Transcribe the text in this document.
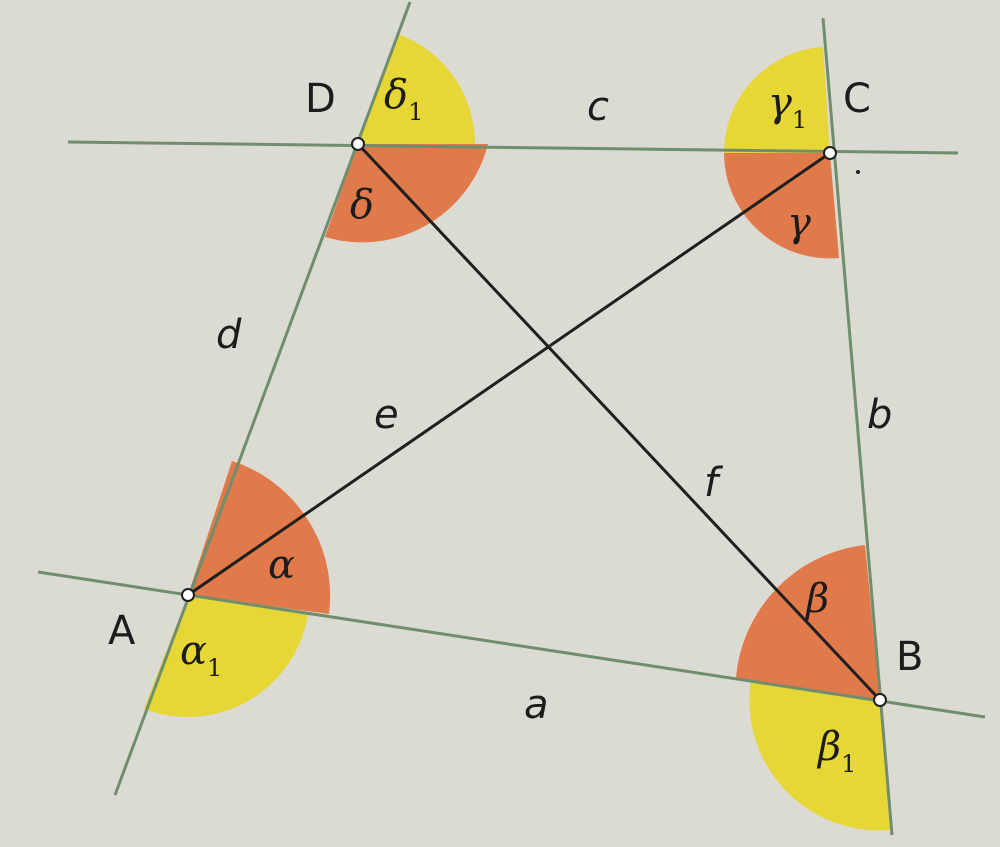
A
B
C
D
a
b
c
d
e
f
α
β
γ
δ
$\alpha_1$
$\beta_1$
$\gamma_1$
$\delta_1$
